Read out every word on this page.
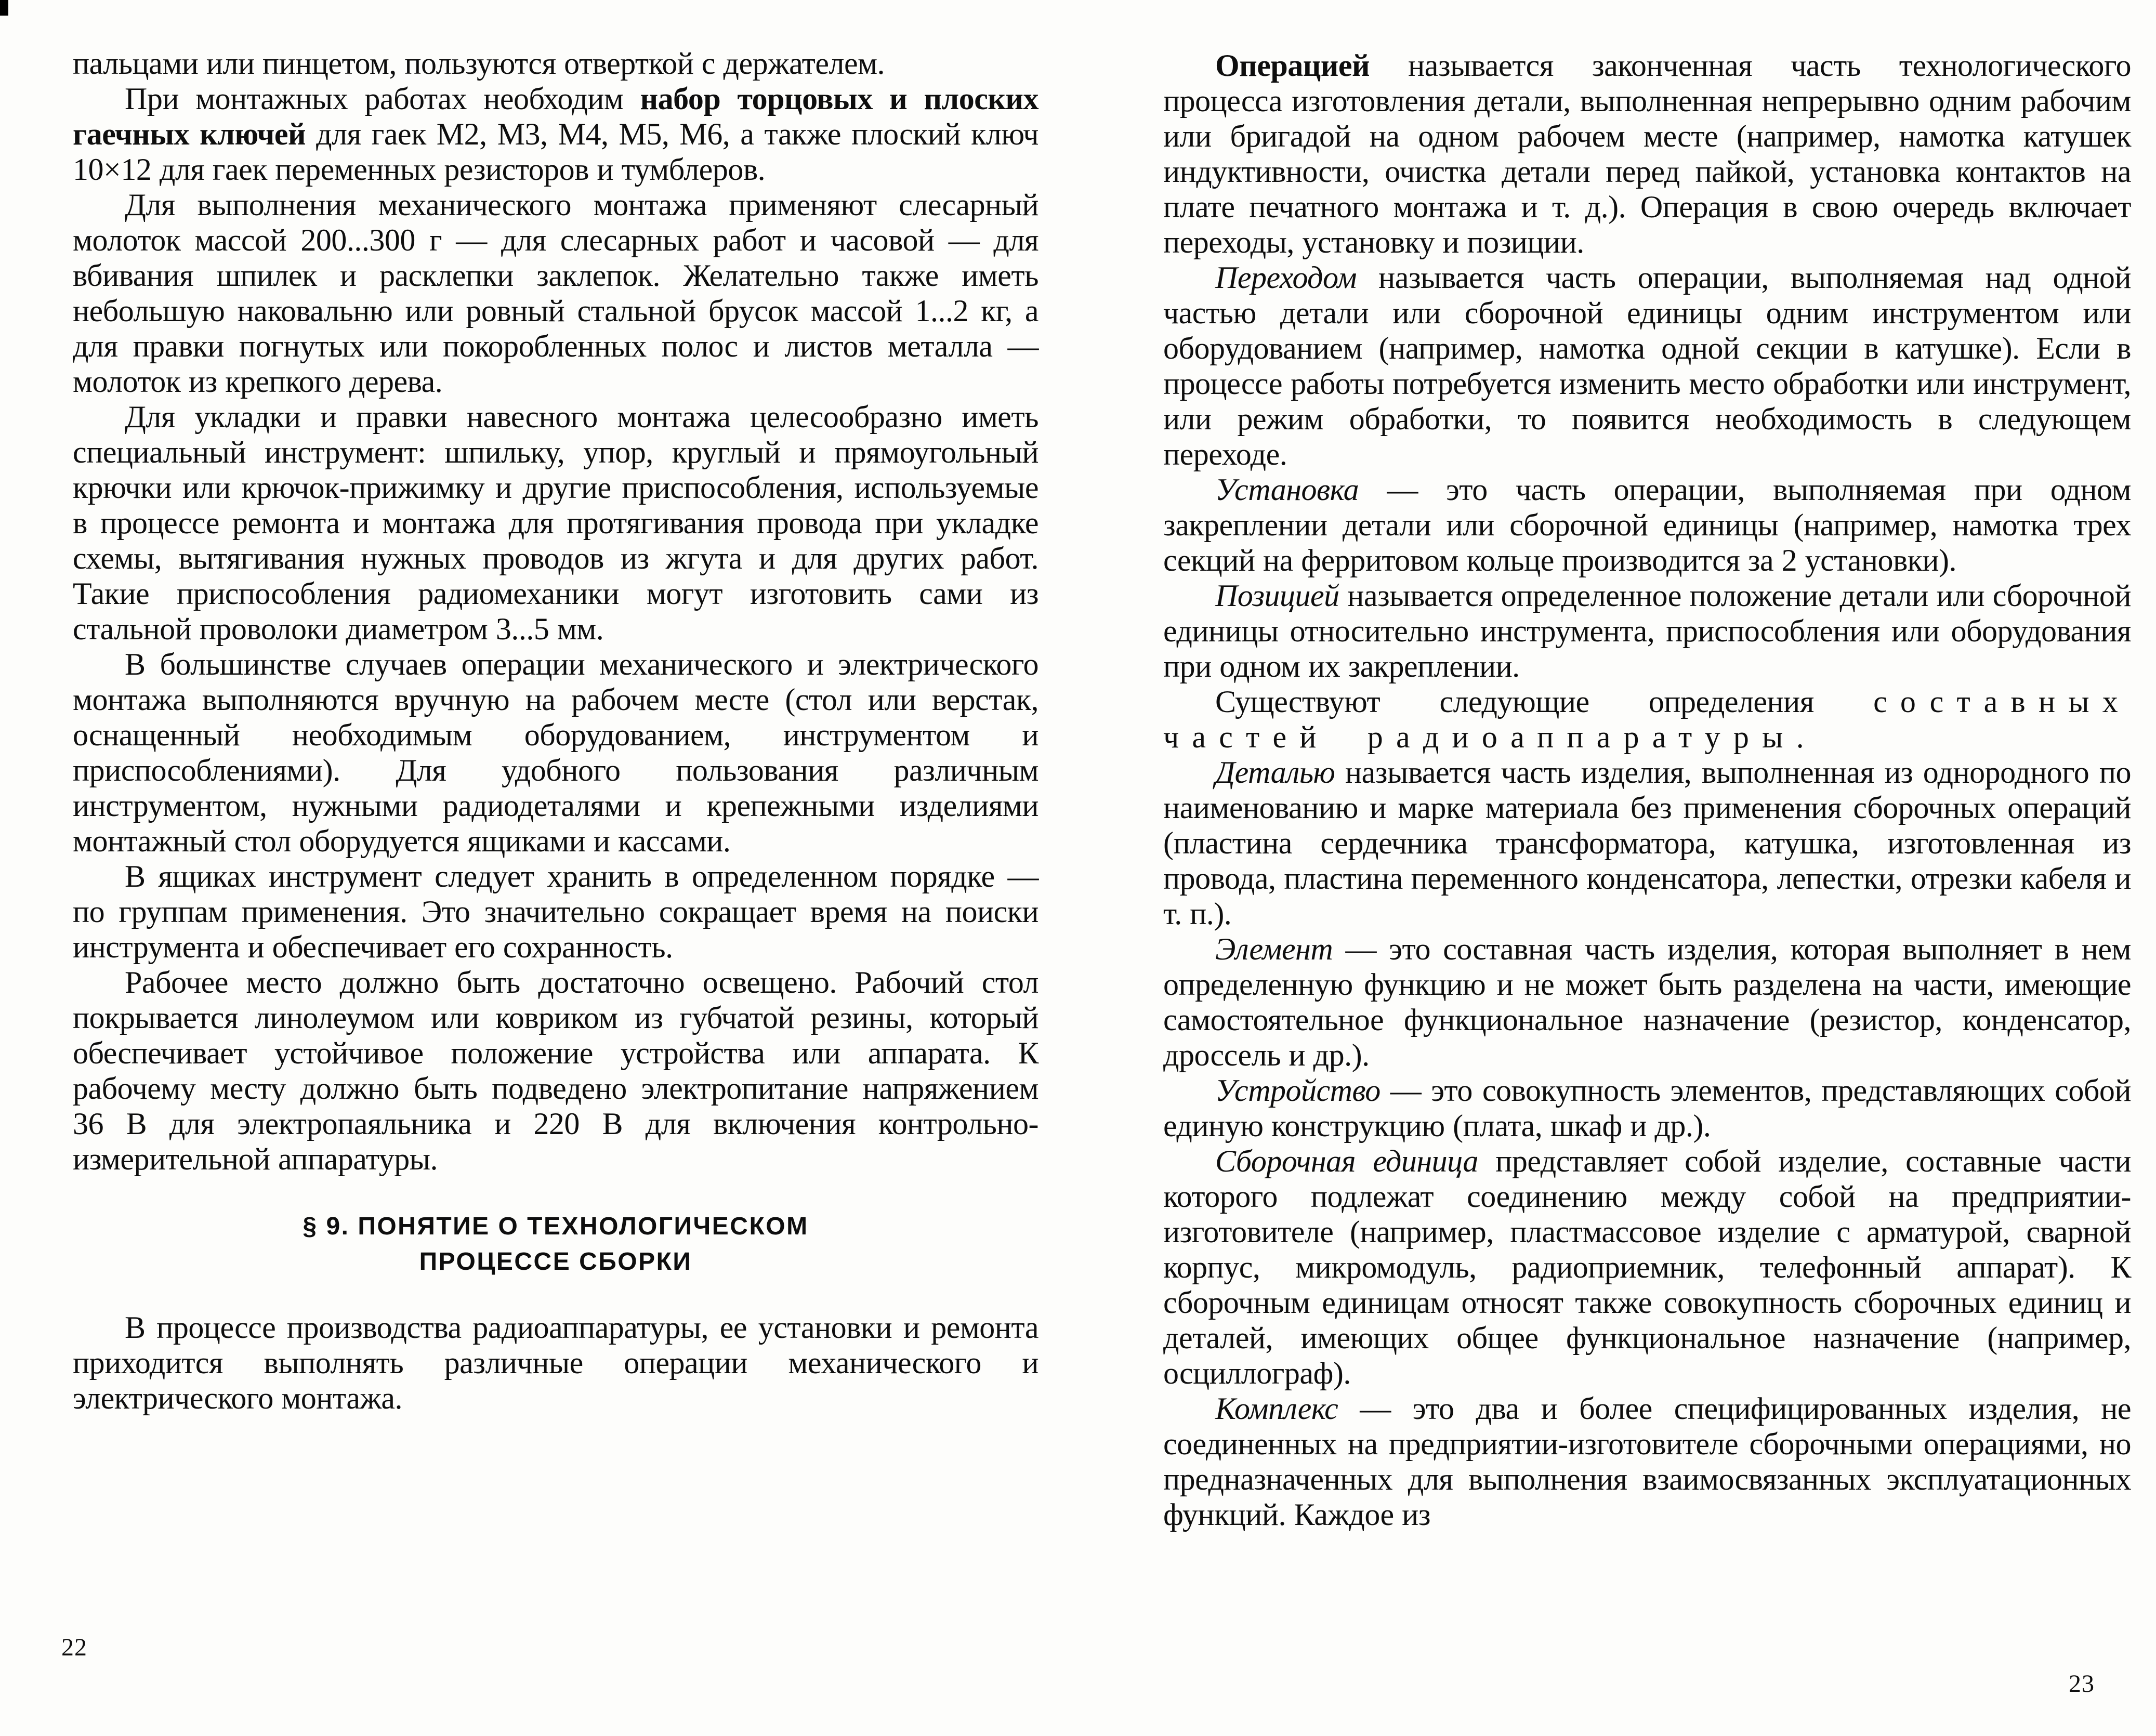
пальцами или пинцетом, пользуются отверткой с держателем.

При монтажных работах необходим набор торцовых и плоских гаечных ключей для гаек М2, М3, М4, М5, М6, а также плоский ключ 10×12 для гаек переменных резисторов и тумблеров.

Для выполнения механического монтажа применяют слесарный молоток массой 200...300 г — для слесарных работ и часовой — для вбивания шпилек и расклепки заклепок. Желательно также иметь небольшую наковальню или ровный стальной брусок массой 1...2 кг, а для правки погнутых или покоробленных полос и листов металла — молоток из крепкого дерева.

Для укладки и правки навесного монтажа целесообразно иметь специальный инструмент: шпильку, упор, круглый и прямоугольный крючки или крючок-прижимку и другие приспособления, используемые в процессе ремонта и монтажа для протягивания провода при укладке схемы, вытягивания нужных проводов из жгута и для других работ. Такие приспособления радиомеханики могут изготовить сами из стальной проволоки диаметром 3...5 мм.

В большинстве случаев операции механического и электрического монтажа выполняются вручную на рабочем месте (стол или верстак, оснащенный необходимым оборудованием, инструментом и приспособлениями). Для удобного пользования различным инструментом, нужными радиодеталями и крепежными изделиями монтажный стол оборудуется ящиками и кассами.

В ящиках инструмент следует хранить в определенном порядке — по группам применения. Это значительно сокращает время на поиски инструмента и обеспечивает его сохранность.

Рабочее место должно быть достаточно освещено. Рабочий стол покрывается линолеумом или ковриком из губчатой резины, который обеспечивает устойчивое положение устройства или аппарата. К рабочему месту должно быть подведено электропитание напряжением 36 В для электропаяльника и 220 В для включения контрольно-измерительной аппаратуры.

§ 9. ПОНЯТИЕ О ТЕХНОЛОГИЧЕСКОМ
ПРОЦЕССЕ СБОРКИ

В процессе производства радиоаппаратуры, ее установки и ремонта приходится выполнять различные операции механического и электрического монтажа.

Операцией называется законченная часть технологического процесса изготовления детали, выполненная непрерывно одним рабочим или бригадой на одном рабочем месте (например, намотка катушек индуктивности, очистка детали перед пайкой, установка контактов на плате печатного монтажа и т. д.). Операция в свою очередь включает переходы, установку и позиции.

Переходом называется часть операции, выполняемая над одной частью детали или сборочной единицы одним инструментом или оборудованием (например, намотка одной секции в катушке). Если в процессе работы потребуется изменить место обработки или инструмент, или режим обработки, то появится необходимость в следующем переходе.

Установка — это часть операции, выполняемая при одном закреплении детали или сборочной единицы (например, намотка трех секций на ферритовом кольце производится за 2 установки).

Позицией называется определенное положение детали или сборочной единицы относительно инструмента, приспособления или оборудования при одном их закреплении.

Существуют следующие определения составных частей радиоаппаратуры.

Деталью называется часть изделия, выполненная из однородного по наименованию и марке материала без применения сборочных операций (пластина сердечника трансформатора, катушка, изготовленная из провода, пластина переменного конденсатора, лепестки, отрезки кабеля и т. п.).

Элемент — это составная часть изделия, которая выполняет в нем определенную функцию и не может быть разделена на части, имеющие самостоятельное функциональное назначение (резистор, конденсатор, дроссель и др.).

Устройство — это совокупность элементов, представляющих собой единую конструкцию (плата, шкаф и др.).

Сборочная единица представляет собой изделие, составные части которого подлежат соединению между собой на предприятии-изготовителе (например, пластмассовое изделие с арматурой, сварной корпус, микромодуль, радиоприемник, телефонный аппарат). К сборочным единицам относят также совокупность сборочных единиц и деталей, имеющих общее функциональное назначение (например, осциллограф).

Комплекс — это два и более специфицированных изделия, не соединенных на предприятии-изготовителе сборочными операциями, но предназначенных для выполнения взаимосвязанных эксплуатационных функций. Каждое из

22
23
